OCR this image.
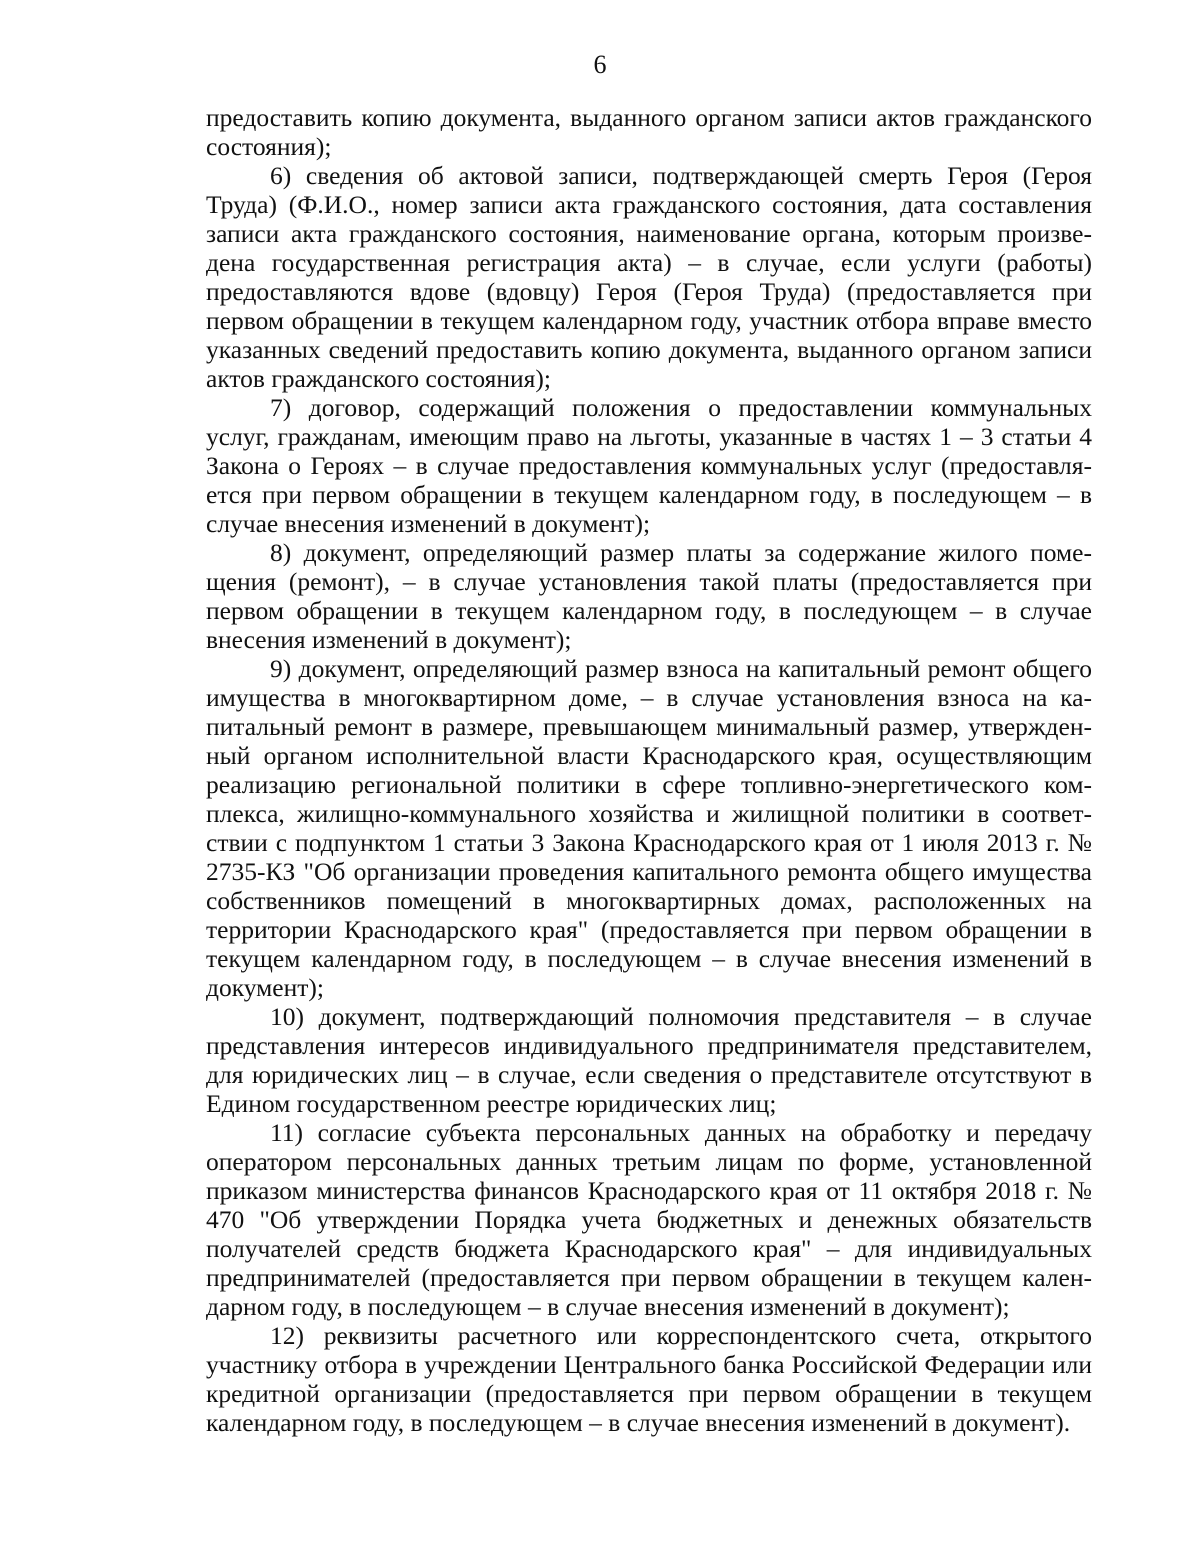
6

предоставить копию документа, выданного органом записи актов гражданского состояния);

6) сведения об актовой записи, подтверждающей смерть Героя (Героя Труда) (Ф.И.О., номер записи акта гражданского состояния, дата составления записи акта гражданского состояния, наименование органа, которым произведена государственная регистрация акта) – в случае, если услуги (работы) предоставляются вдове (вдовцу) Героя (Героя Труда) (предоставляется при первом обращении в текущем календарном году, участник отбора вправе вместо указанных сведений предоставить копию документа, выданного органом записи актов гражданского состояния);

7) договор, содержащий положения о предоставлении коммунальных услуг, гражданам, имеющим право на льготы, указанные в частях 1 – 3 статьи 4 Закона о Героях – в случае предоставления коммунальных услуг (предоставляется при первом обращении в текущем календарном году, в последующем – в случае внесения изменений в документ);

8) документ, определяющий размер платы за содержание жилого помещения (ремонт), – в случае установления такой платы (предоставляется при первом обращении в текущем календарном году, в последующем – в случае внесения изменений в документ);

9) документ, определяющий размер взноса на капитальный ремонт общего имущества в многоквартирном доме, – в случае установления взноса на капитальный ремонт в размере, превышающем минимальный размер, утвержденный органом исполнительной власти Краснодарского края, осуществляющим реализацию региональной политики в сфере топливно-энергетического комплекса, жилищно-коммунального хозяйства и жилищной политики в соответствии с подпунктом 1 статьи 3 Закона Краснодарского края от 1 июля 2013 г. № 2735-КЗ "Об организации проведения капитального ремонта общего имущества собственников помещений в многоквартирных домах, расположенных на территории Краснодарского края" (предоставляется при первом обращении в текущем календарном году, в последующем – в случае внесения изменений в документ);

10) документ, подтверждающий полномочия представителя – в случае представления интересов индивидуального предпринимателя представителем, для юридических лиц – в случае, если сведения о представителе отсутствуют в Едином государственном реестре юридических лиц;

11) согласие субъекта персональных данных на обработку и передачу оператором персональных данных третьим лицам по форме, установленной приказом министерства финансов Краснодарского края от 11 октября 2018 г. № 470 "Об утверждении Порядка учета бюджетных и денежных обязательств получателей средств бюджета Краснодарского края" – для индивидуальных предпринимателей (предоставляется при первом обращении в текущем календарном году, в последующем – в случае внесения изменений в документ);

12) реквизиты расчетного или корреспондентского счета, открытого участнику отбора в учреждении Центрального банка Российской Федерации или кредитной организации (предоставляется при первом обращении в текущем календарном году, в последующем – в случае внесения изменений в документ).
